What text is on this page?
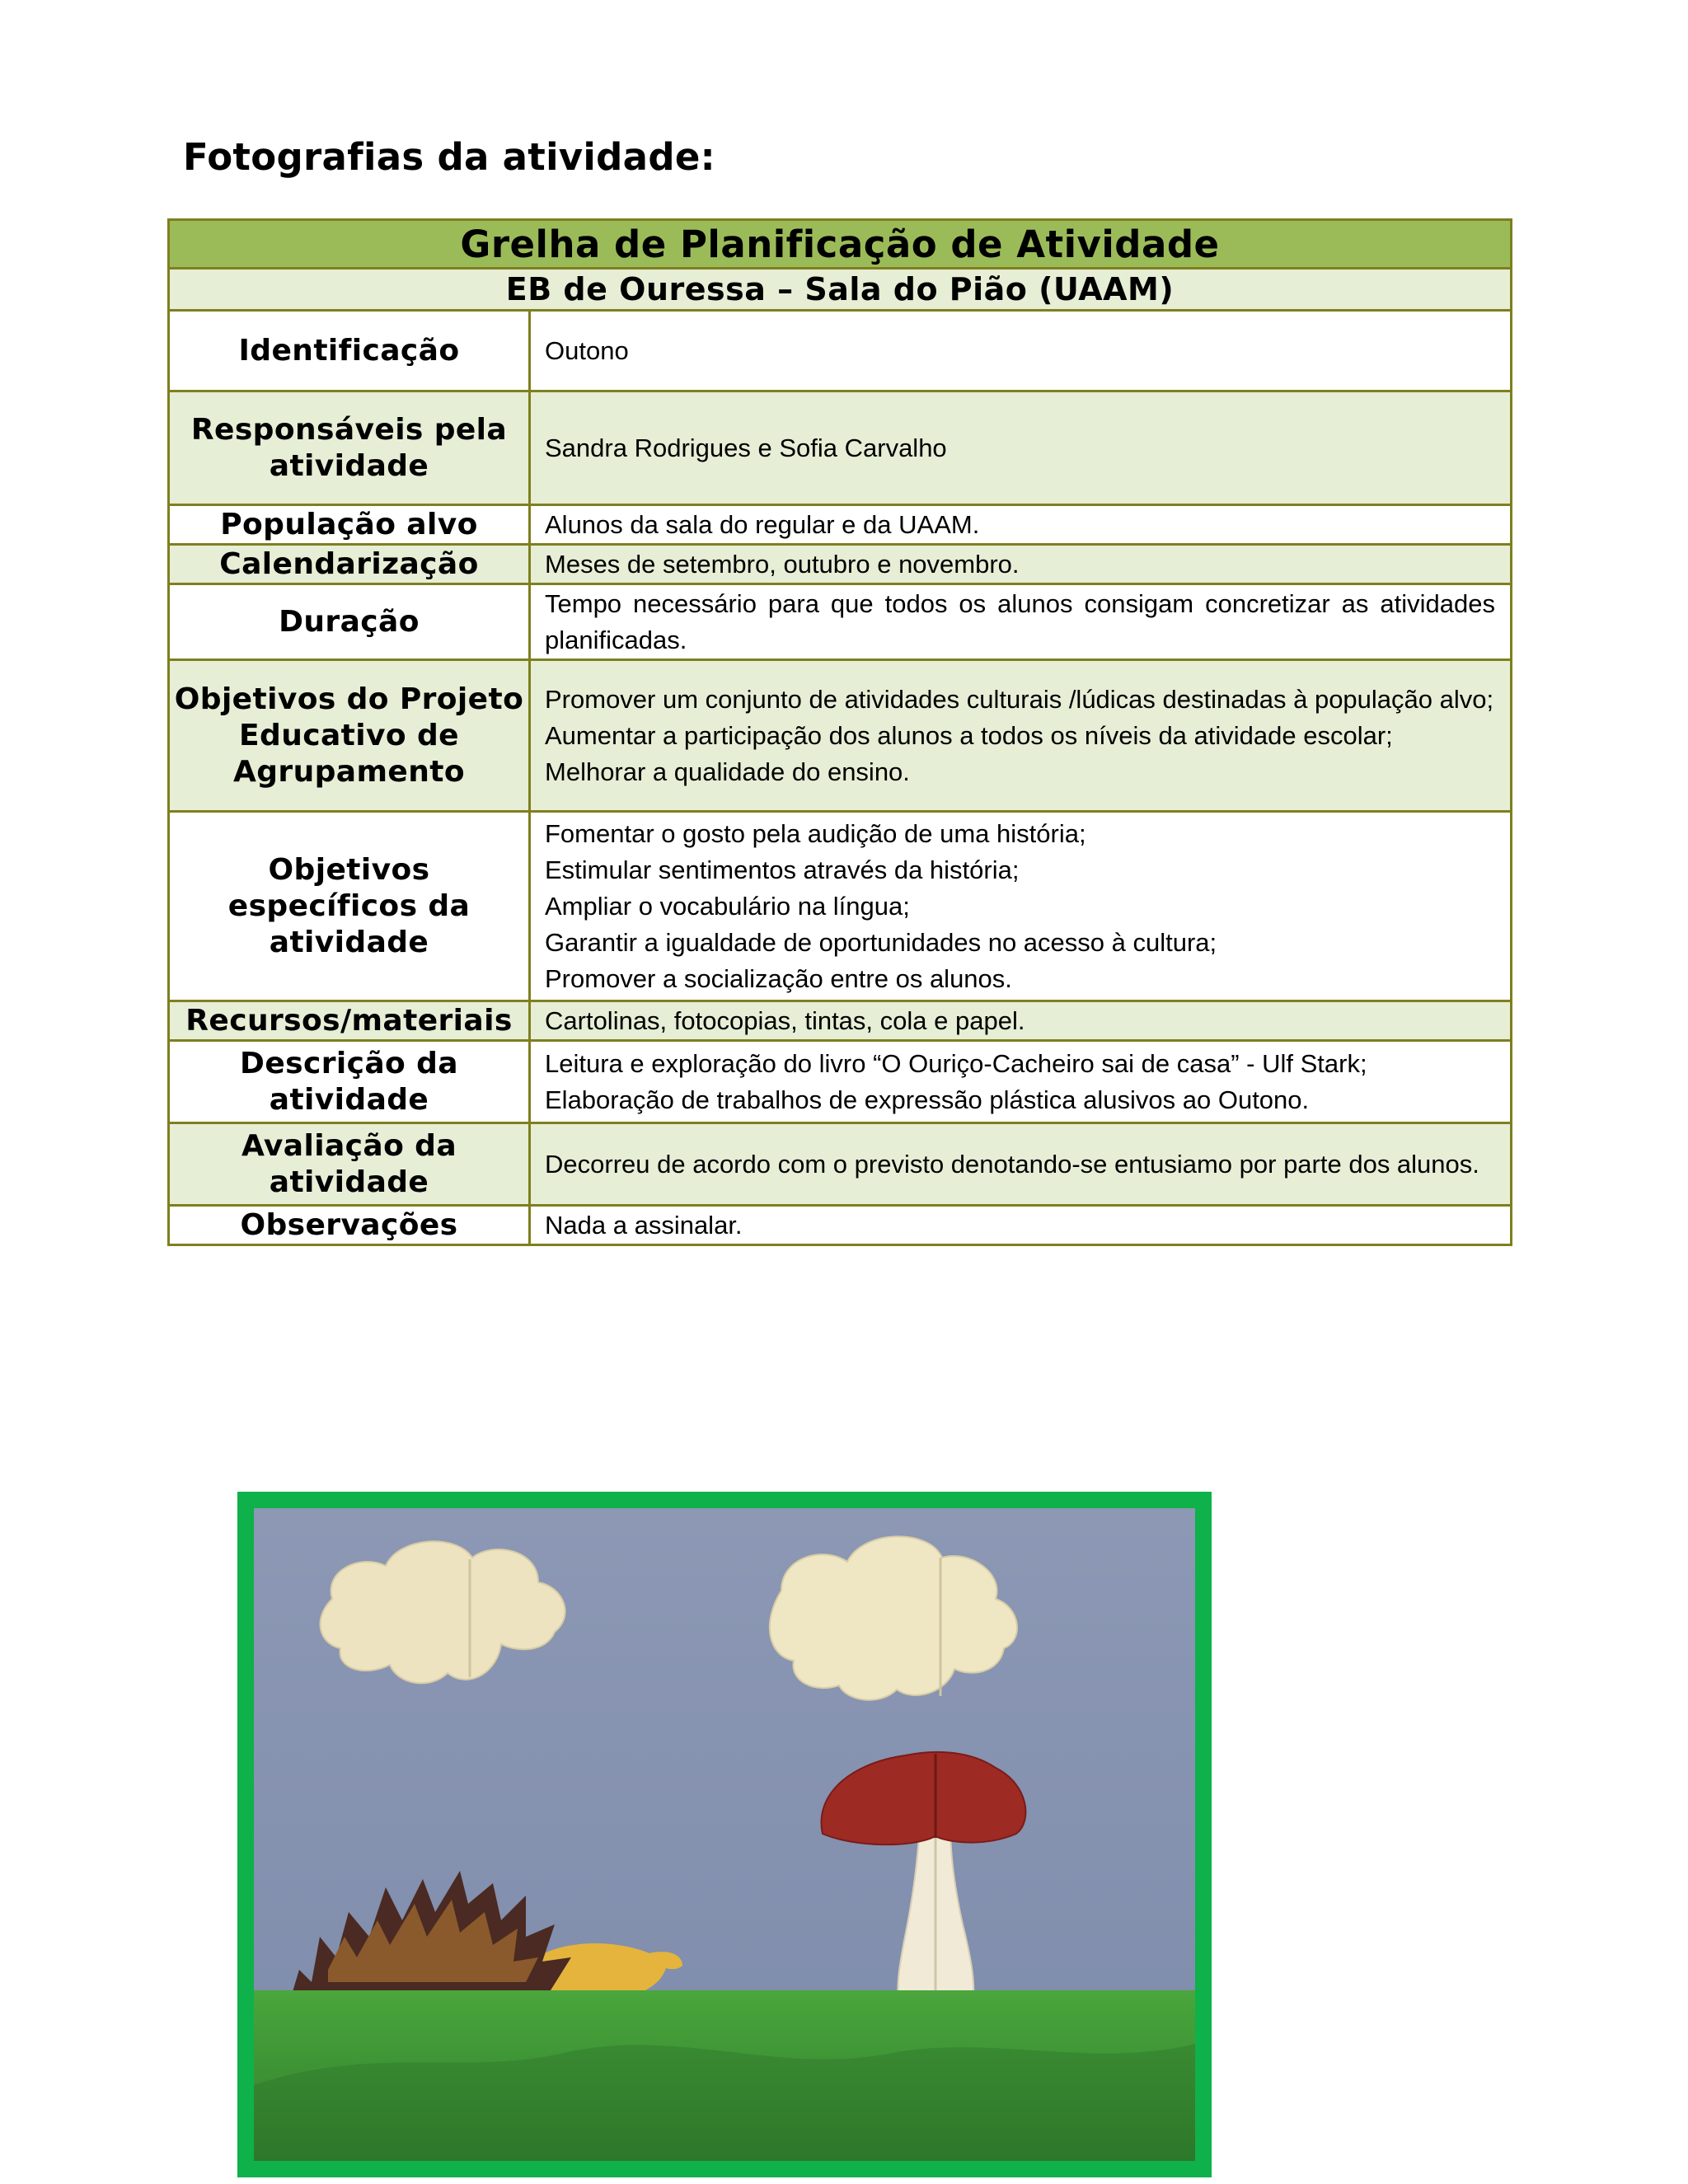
Fotografias da atividade:
Grelha de Planificação de Atividade	
EB de Ouressa – Sala do Pião (UAAM)	
Identificação	Outono

Responsáveis pela atividade	Sandra Rodrigues e Sofia Carvalho

População alvo	Alunos da sala do regular e da UAAM.

Calendarização	Meses de setembro, outubro e novembro.

Duração	Tempo necessário para que todos os alunos consigam concretizar as atividades planificadas.

Objetivos do Projeto Educativo de Agrupamento	Promover um conjunto de atividades culturais /lúdicas destinadas à população alvo;
Aumentar a participação dos alunos a todos os níveis da atividade escolar;
Melhorar a qualidade do ensino.

Objetivos específicos da atividade	Fomentar o gosto pela audição de uma história;
Estimular sentimentos através da história;
Ampliar o vocabulário na língua;
Garantir a igualdade de oportunidades no acesso à cultura;
Promover a socialização entre os alunos.

Recursos/materiais	Cartolinas, fotocopias, tintas, cola e papel.

Descrição da atividade	Leitura e exploração do livro “O Ouriço-Cacheiro sai de casa” - Ulf Stark;
Elaboração de trabalhos de expressão plástica alusivos ao Outono.

Avaliação da atividade	Decorreu de acordo com o previsto denotando-se entusiamo por parte dos alunos.

Observações	Nada a assinalar.
